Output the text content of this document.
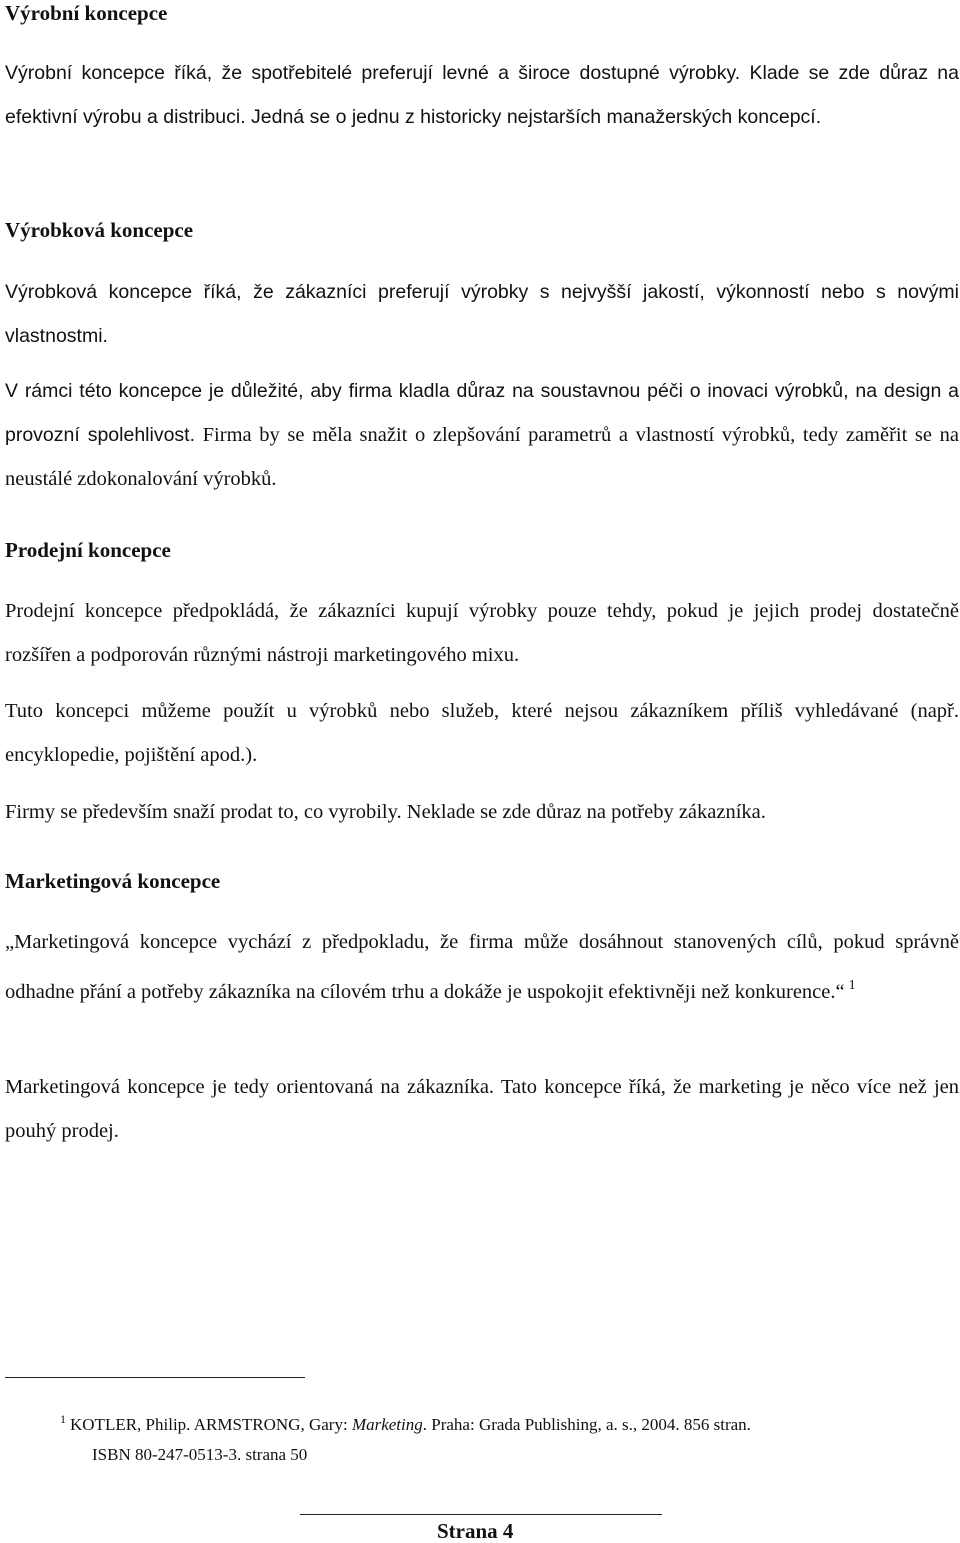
Výrobní koncepce

Výrobní koncepce říká, že spotřebitelé preferují levné a široce dostupné výrobky. Klade se zde důraz na efektivní výrobu a distribuci. Jedná se o jednu z historicky nejstarších manažerských koncepcí.

Výrobková koncepce

Výrobková koncepce říká, že zákazníci preferují výrobky s nejvyšší jakostí, výkonností nebo s novými vlastnostmi.

V rámci této koncepce je důležité, aby firma kladla důraz na soustavnou péči o inovaci výrobků, na design a provozní spolehlivost. Firma by se měla snažit o zlepšování parametrů a vlastností výrobků, tedy zaměřit se na neustálé zdokonalování výrobků.

Prodejní koncepce

Prodejní koncepce předpokládá, že zákazníci kupují výrobky pouze tehdy, pokud je jejich prodej dostatečně rozšířen a podporován různými nástroji marketingového mixu.

Tuto koncepci můžeme použít u výrobků nebo služeb, které nejsou zákazníkem příliš vyhledávané (např. encyklopedie, pojištění apod.).

Firmy se především snaží prodat to, co vyrobily. Neklade se zde důraz na potřeby zákazníka.

Marketingová koncepce

„Marketingová koncepce vychází z předpokladu, že firma může dosáhnout stanovených cílů, pokud správně odhadne přání a potřeby zákazníka na cílovém trhu a dokáže je uspokojit efektivněji než konkurence.“ $^1$

Marketingová koncepce je tedy orientovaná na zákazníka. Tato koncepce říká, že marketing je něco více než jen pouhý prodej.

$^1$ KOTLER, Philip. ARMSTRONG, Gary: Marketing. Praha: Grada Publishing, a. s., 2004. 856 stran.
ISBN 80-247-0513-3. strana 50

Strana 4
